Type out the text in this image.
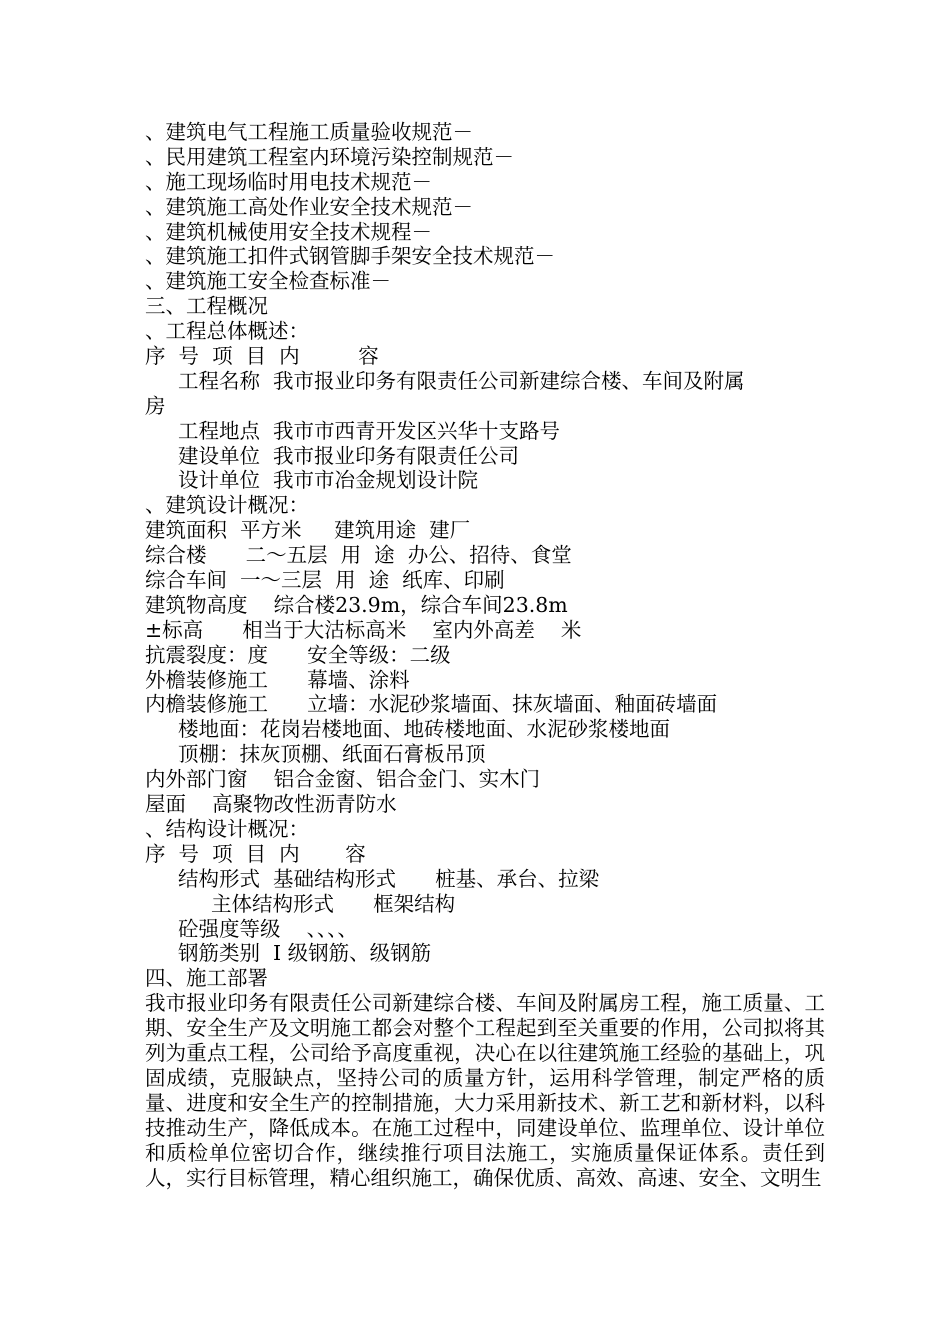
、建筑电气工程施工质量验收规范－
、民用建筑工程室内环境污染控制规范－
、施工现场临时用电技术规范－
、建筑施工高处作业安全技术规范－
、建筑机械使用安全技术规程－
、建筑施工扣件式钢管脚手架安全技术规范－
、建筑施工安全检查标准－
三、工程概况
、工程总体概述：
序  号  项  目  内         容
工程名称  我市报业印务有限责任公司新建综合楼、车间及附属
房
工程地点  我市市西青开发区兴华十支路号
建设单位  我市报业印务有限责任公司
设计单位  我市市冶金规划设计院
、建筑设计概况：
建筑面积  平方米     建筑用途  建厂
综合楼      二～五层  用  途  办公、招待、食堂
综合车间  一～三层  用  途  纸库、印刷
建筑物高度    综合楼23.9m，综合车间23.8m
±标高      相当于大沽标高米    室内外高差    米
抗震裂度：度      安全等级：二级
外檐装修施工      幕墙、涂料
内檐装修施工      立墙：水泥砂浆墙面、抹灰墙面、釉面砖墙面
楼地面：花岗岩楼地面、地砖楼地面、水泥砂浆楼地面
顶棚：抹灰顶棚、纸面石膏板吊顶
内外部门窗    铝合金窗、铝合金门、实木门
屋面    高聚物改性沥青防水
、结构设计概况：
序  号  项  目  内       容
结构形式  基础结构形式      桩基、承台、拉梁
主体结构形式      框架结构
砼强度等级    、、、、
钢筋类别  Ⅰ 级钢筋、级钢筋
四、施工部署
我市报业印务有限责任公司新建综合楼、车间及附属房工程，施工质量、工期、安全生产及文明施工都会对整个工程起到至关重要的作用，公司拟将其列为重点工程，公司给予高度重视，决心在以往建筑施工经验的基础上，巩固成绩，克服缺点，坚持公司的质量方针，运用科学管理，制定严格的质量、进度和安全生产的控制措施，大力采用新技术、新工艺和新材料，以科技推动生产，降低成本。在施工过程中，同建设单位、监理单位、设计单位和质检单位密切合作，继续推行项目法施工，实施质量保证体系。责任到人，实行目标管理，精心组织施工，确保优质、高效、高速、安全、文明生
